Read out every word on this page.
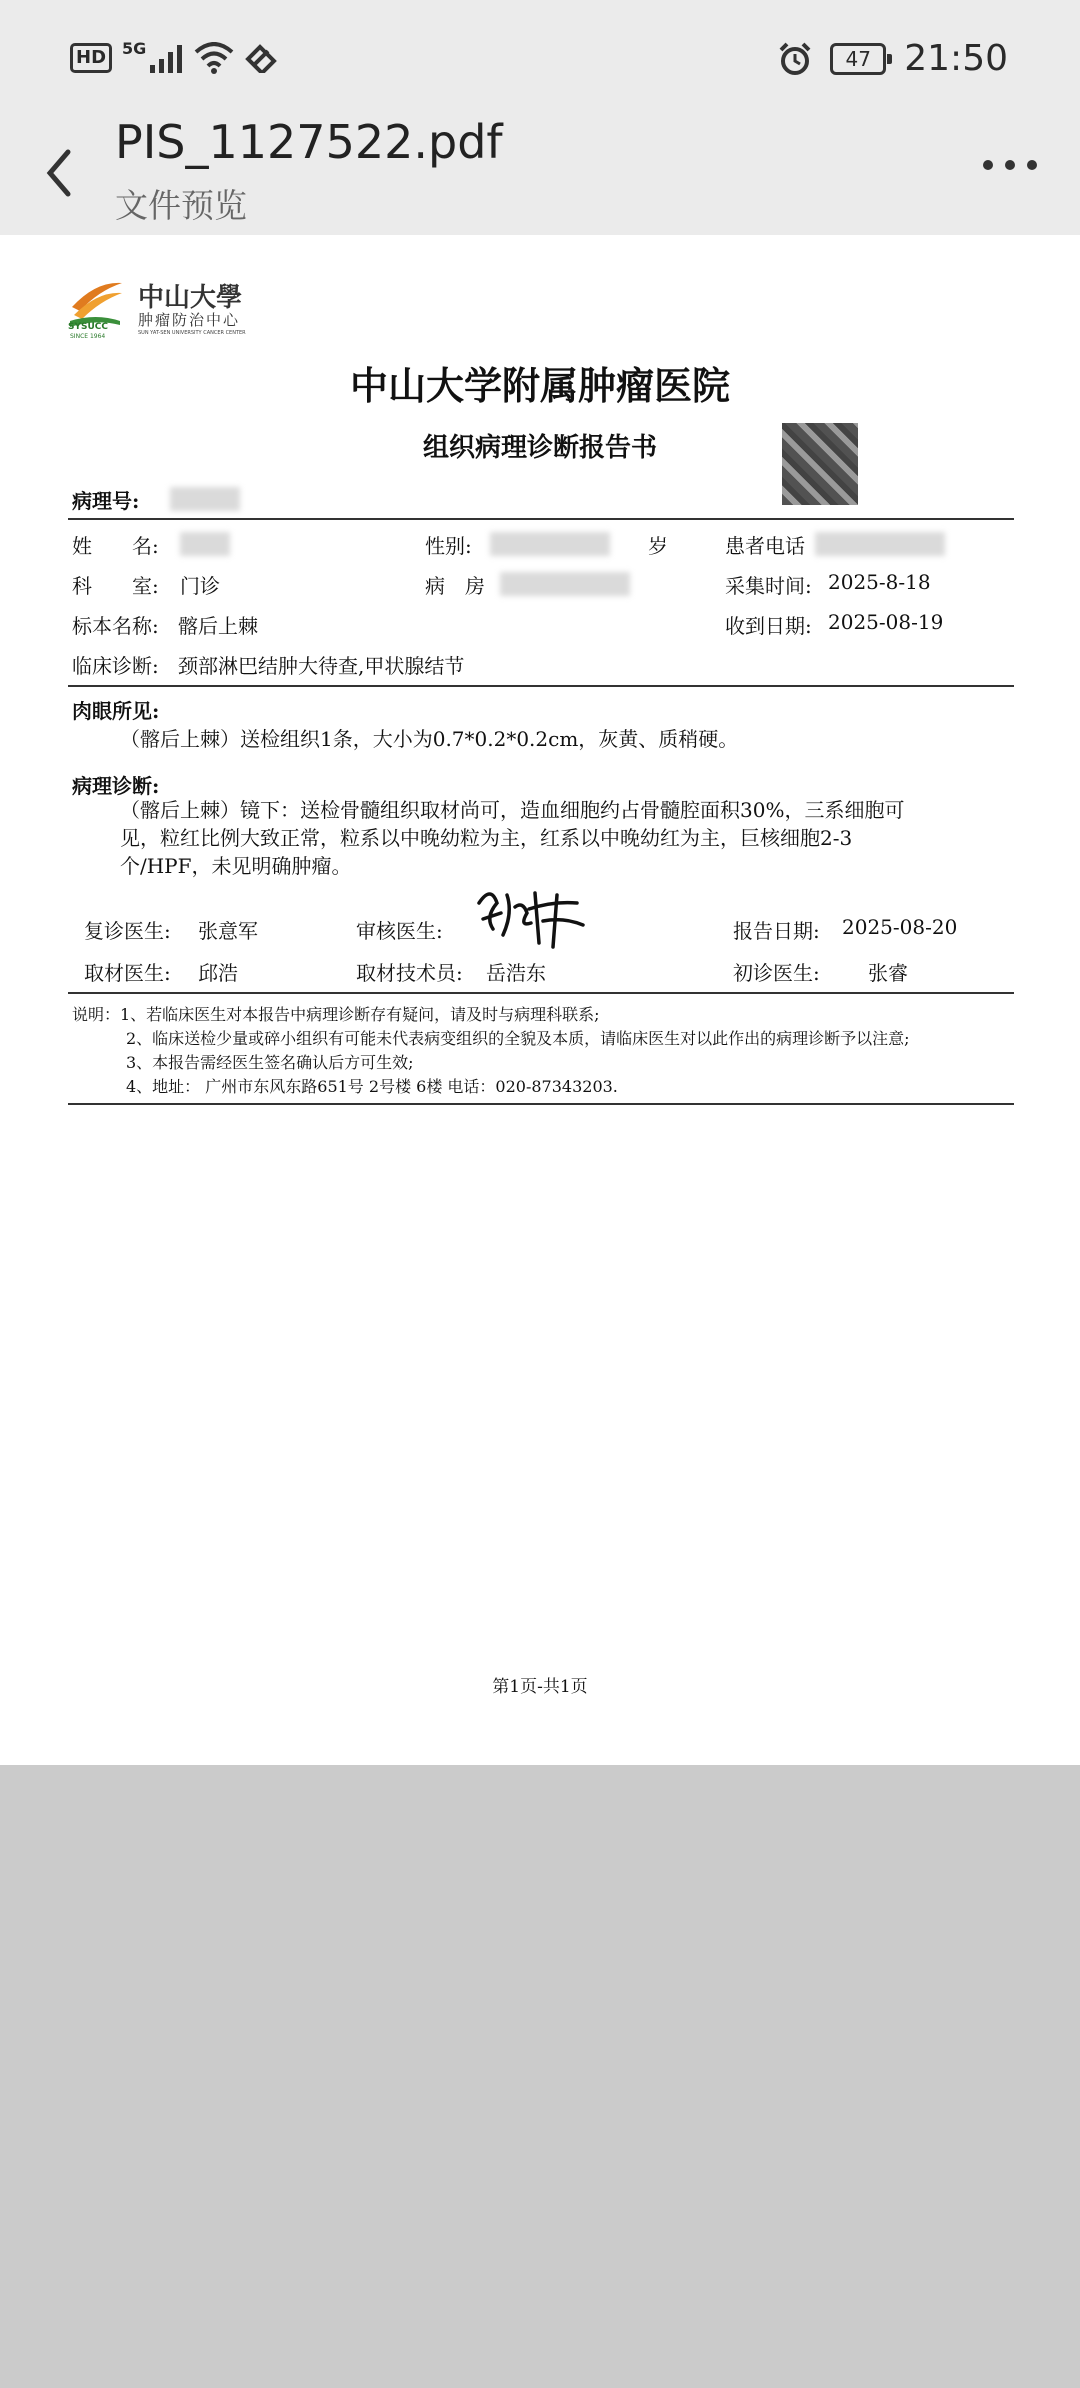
HD	5G	47 21:50
PIS_1127522.pdf
文件预览
SYSUCC
SINCE 1964
中山大學
肿瘤防治中心
SUN YAT-SEN UNIVERSITY CANCER CENTER
中山大学附属肿瘤医院
组织病理诊断报告书
病理号:
姓　　名:	性别:	岁	患者电话
科　　室: 门诊	病　房	采集时间: 2025-8-18
标本名称: 髂后上棘	收到日期: 2025-08-19
临床诊断: 颈部淋巴结肿大待查,甲状腺结节
肉眼所见:
（髂后上棘）送检组织1条，大小为0.7*0.2*0.2cm，灰黄、质稍硬。
病理诊断:
（髂后上棘）镜下：送检骨髓组织取材尚可，造血细胞约占骨髓腔面积30%，三系细胞可
见，粒红比例大致正常，粒系以中晚幼粒为主，红系以中晚幼红为主，巨核细胞2-3
个/HPF，未见明确肿瘤。
复诊医生: 张意军	审核医生:	报告日期: 2025-08-20
取材医生: 邱浩	取材技术员: 岳浩东	初诊医生: 张睿
说明：1、若临床医生对本报告中病理诊断存有疑问，请及时与病理科联系;
2、临床送检少量或碎小组织有可能未代表病变组织的全貌及本质，请临床医生对以此作出的病理诊断予以注意;
3、本报告需经医生签名确认后方可生效;
4、地址： 广州市东风东路651号 2号楼 6楼 电话：020-87343203.
第1页-共1页
